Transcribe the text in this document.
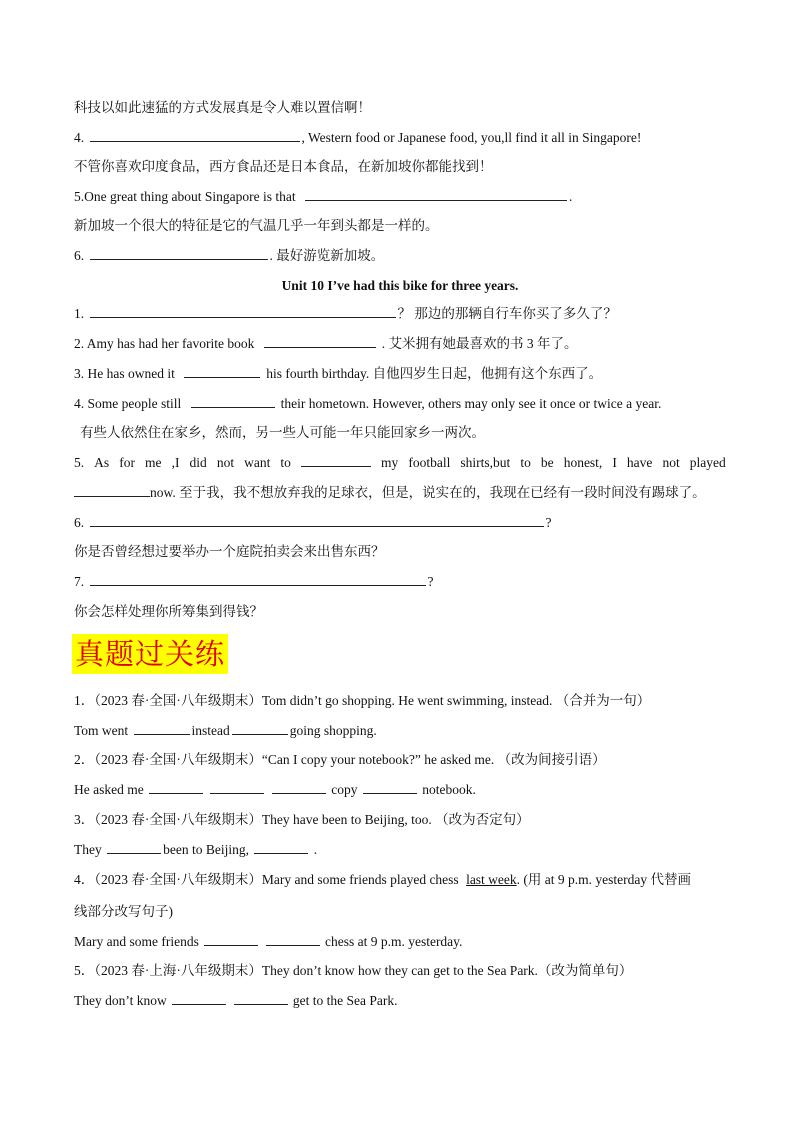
科技以如此速猛的方式发展真是令人难以置信啊！
4.	, Western food or Japanese food, you,ll find it all in Singapore!
不管你喜欢印度食品，西方食品还是日本食品，在新加坡你都能找到！
5.One great thing about Singapore is that	.
新加坡一个很大的特征是它的气温几乎一年到头都是一样的。
6.	. 最好游览新加坡。
Unit 10 I’ve had this bike for three years.
1.	？ 那边的那辆自行车你买了多久了？
2. Amy has had her favorite book	. 艾米拥有她最喜欢的书 3 年了。
3. He has owned it	his fourth birthday. 自他四岁生日起，他拥有这个东西了。
4. Some people still	their hometown. However, others may only see it once or twice a year.
有些人依然住在家乡，然而，另一些人可能一年只能回家乡一两次。
5. As for me ,I did not want to	my football shirts,but to be honest, I have not played
now. 至于我，我不想放弃我的足球衣，但是，说实在的，我现在已经有一段时间没有踢球了。
6.	?
你是否曾经想过要举办一个庭院拍卖会来出售东西？
7.	?
你会怎样处理你所筹集到得钱？
真题过关练
1．（2023 春·全国·八年级期末）Tom didn’t go shopping. He went swimming, instead. （合并为一句）
Tom went	instead	going shopping.
2．（2023 春·全国·八年级期末）“Can I copy your notebook?” he asked me. （改为间接引语）
He asked me	copy	notebook.
3．（2023 春·全国·八年级期末）They have been to Beijing, too. （改为否定句）
They	been to Beijing,	.
4．（2023 春·全国·八年级期末）Mary and some friends played chess last week. (用 at 9 p.m. yesterday 代替画
线部分改写句子)
Mary and some friends	chess at 9 p.m. yesterday.
5．（2023 春·上海·八年级期末）They don’t know how they can get to the Sea Park.（改为简单句）
They don’t know	get to the Sea Park.
